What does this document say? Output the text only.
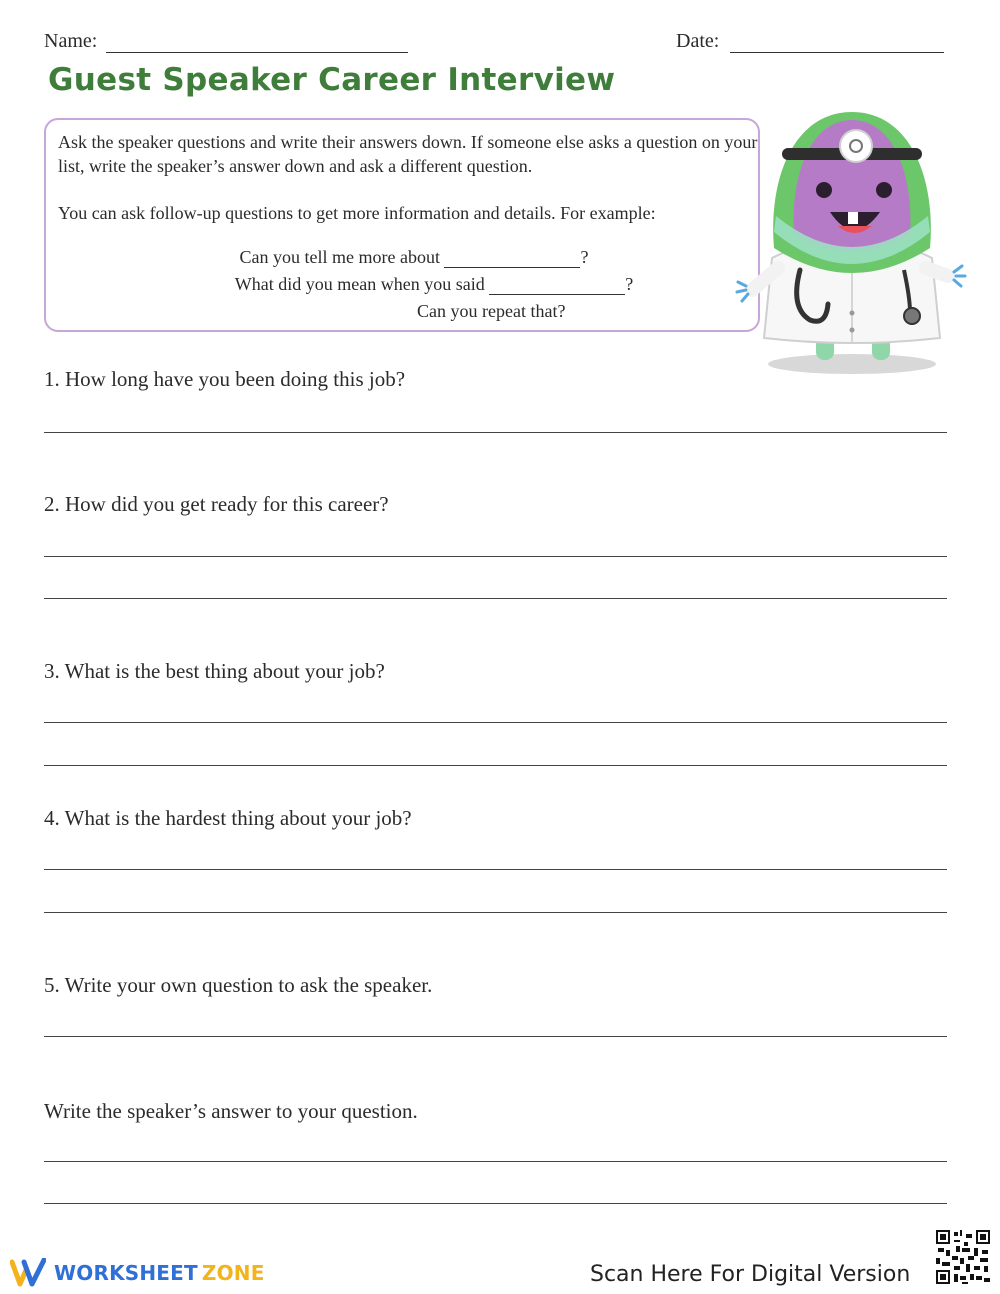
Name:	Date:
Guest Speaker Career Interview
Ask the speaker questions and write their answers down. If someone else asks a question on your list, write the speaker’s answer down and ask a different question.
You can ask follow-up questions to get more information and details. For example:
Can you tell me more about	?
What did you mean when you said	?
Can you repeat that?
1. How long have you been doing this job?
2. How did you get ready for this career?
3. What is the best thing about your job?
4. What is the hardest thing about your job?
5. Write your own question to ask the speaker.
Write the speaker’s answer to your question.
WORKSHEET ZONE	Scan Here For Digital Version
